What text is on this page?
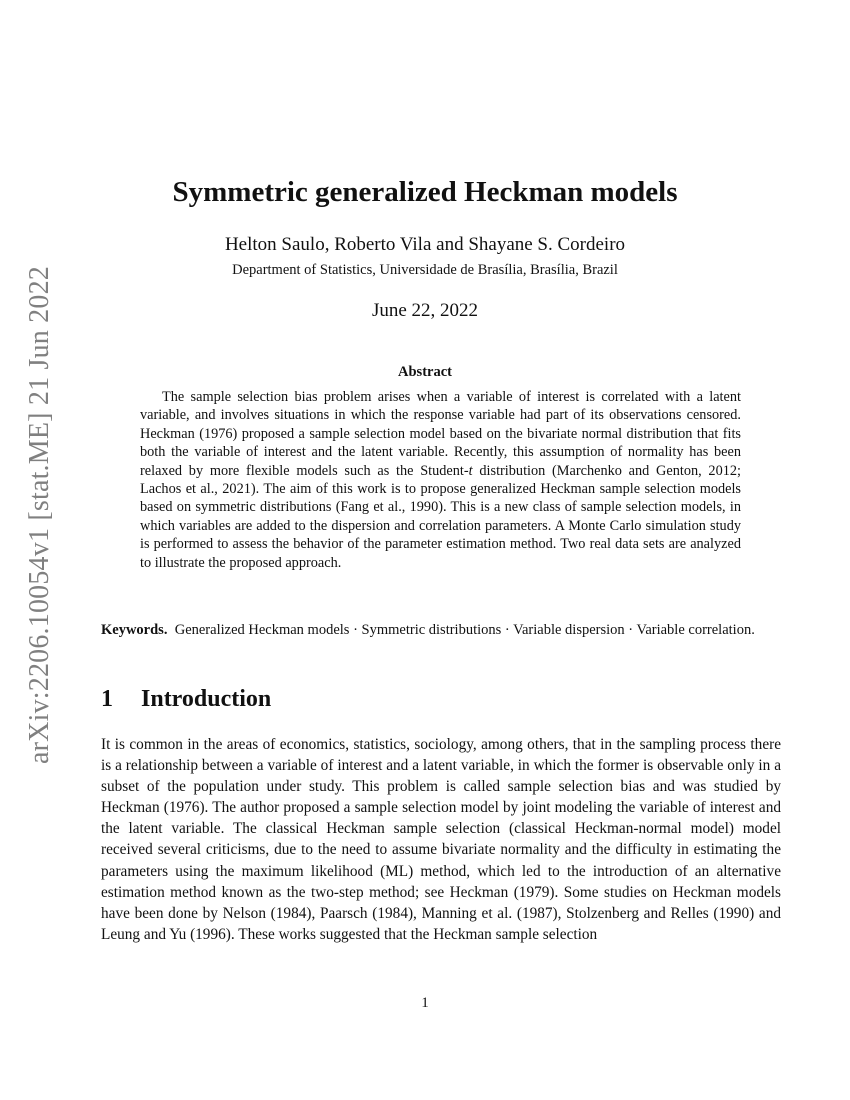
arXiv:2206.10054v1 [stat.ME] 21 Jun 2022
Symmetric generalized Heckman models
Helton Saulo, Roberto Vila and Shayane S. Cordeiro
Department of Statistics, Universidade de Brasília, Brasília, Brazil
June 22, 2022
Abstract

The sample selection bias problem arises when a variable of interest is correlated with a latent variable, and involves situations in which the response variable had part of its observations censored. Heckman (1976) proposed a sample selection model based on the bivariate normal distribution that fits both the variable of interest and the latent variable. Recently, this assumption of normality has been relaxed by more flexible models such as the Student-t distribution (Marchenko and Genton, 2012; Lachos et al., 2021). The aim of this work is to propose generalized Heckman sample selection models based on symmetric distributions (Fang et al., 1990). This is a new class of sample selection models, in which variables are added to the dispersion and correlation parameters. A Monte Carlo simulation study is performed to assess the behavior of the parameter estimation method. Two real data sets are analyzed to illustrate the proposed approach.

Keywords. Generalized Heckman models · Symmetric distributions · Variable dispersion · Variable correlation.

1 Introduction

It is common in the areas of economics, statistics, sociology, among others, that in the sampling process there is a relationship between a variable of interest and a latent variable, in which the former is observable only in a subset of the population under study. This problem is called sample selection bias and was studied by Heckman (1976). The author proposed a sample selection model by joint modeling the variable of interest and the latent variable. The classical Heckman sample selection (classical Heckman-normal model) model received several criticisms, due to the need to assume bivariate normality and the difficulty in estimating the parameters using the maximum likelihood (ML) method, which led to the introduction of an alternative estimation method known as the two-step method; see Heckman (1979). Some studies on Heckman models have been done by Nelson (1984), Paarsch (1984), Manning et al. (1987), Stolzenberg and Relles (1990) and Leung and Yu (1996). These works suggested that the Heckman sample selection

1
